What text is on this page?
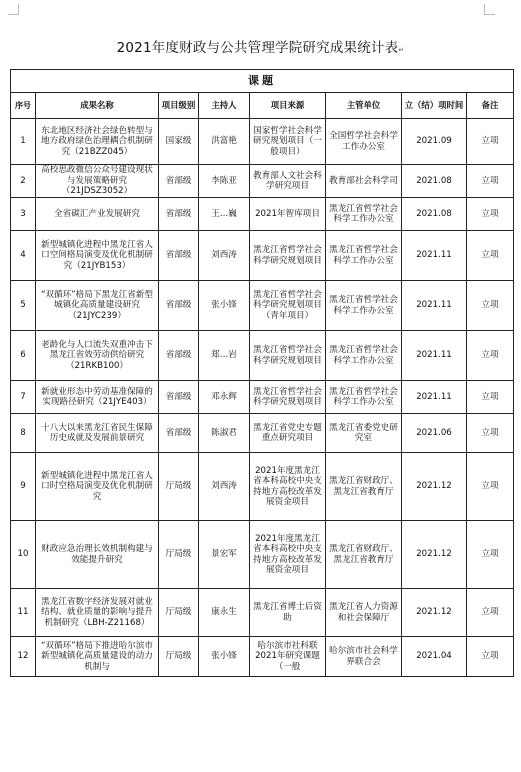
2021年度财政与公共管理学院研究成果统计表↵
课题							
序号	成果名称	项目级别	主持人	项目来源	主管单位	立（结）项时间	备注
1	东北地区经济社会绿色转型与地方政府绿色治理耦合机制研究（21BZZ045）	国家级	洪富艳	国家哲学社会科学研究规划项目（一般项目）	全国哲学社会科学工作办公室	2021.09	立项
2	高校思政微信公众号建设现状与发展策略研究（21JDSZ3052）	省部级	李陈亚	教育部人文社会科学研究项目	教育部社会科学司	2021.08	立项
3	全省碳汇产业发展研究	省部级	王…巍	2021年智库项目	黑龙江省哲学社会科学工作办公室	2021.08	立项
4	新型城镇化进程中黑龙江省人口空间格局演变及优化机制研究（21JYB153）	省部级	刘西涛	黑龙江省哲学社会科学研究规划项目	黑龙江省哲学社会科学工作办公室	2021.11	立项
5	“双循环”格局下黑龙江省新型城镇化高质量建设研究（21JYC239）	省部级	张小锋	黑龙江省哲学社会科学研究规划项目（青年项目）	黑龙江省哲学社会科学工作办公室	2021.11	立项
6	老龄化与人口流失双重冲击下黑龙江省效劳动供给研究（21RKB100）	省部级	郑…岩	黑龙江省哲学社会科学研究规划项目	黑龙江省哲学社会科学工作办公室	2021.11	立项
7	新就业形态中劳动基准保障的实现路径研究（21JYE403）	省部级	邓永辉	黑龙江省哲学社会科学研究规划项目	黑龙江省哲学社会科学工作办公室	2021.11	立项
8	十八大以来黑龙江省民生保障历史成就及发展前景研究	省部级	陈淑君	黑龙江省党史专题重点研究项目	黑龙江省委党史研究室	2021.06	立项
9	新型城镇化进程中黑龙江省人口时空格局演变及优化机制研究	厅局级	刘西涛	2021年度黑龙江省本科高校中央支持地方高校改革发展资金项目	黑龙江省财政厅、黑龙江省教育厅	2021.12	立项
10	财政应急治理长效机制构建与效能提升研究	厅局级	景宏军	2021年度黑龙江省本科高校中央支持地方高校改革发展资金项目	黑龙江省财政厅、黑龙江省教育厅	2021.12	立项
11	黑龙江省数字经济发展对就业结构、就业质量的影响与提升机制研究（LBH-Z21168）	厅局级	康永生	黑龙江省博士后资助	黑龙江省人力资源和社会保障厅	2021.12	立项
12	“双循环”格局下推进哈尔滨市新型城镇化高质量建设的动力机制与	厅局级	张小锋	哈尔滨市社科联2021年研究课题（一般	哈尔滨市社会科学界联合会	2021.04	立项
